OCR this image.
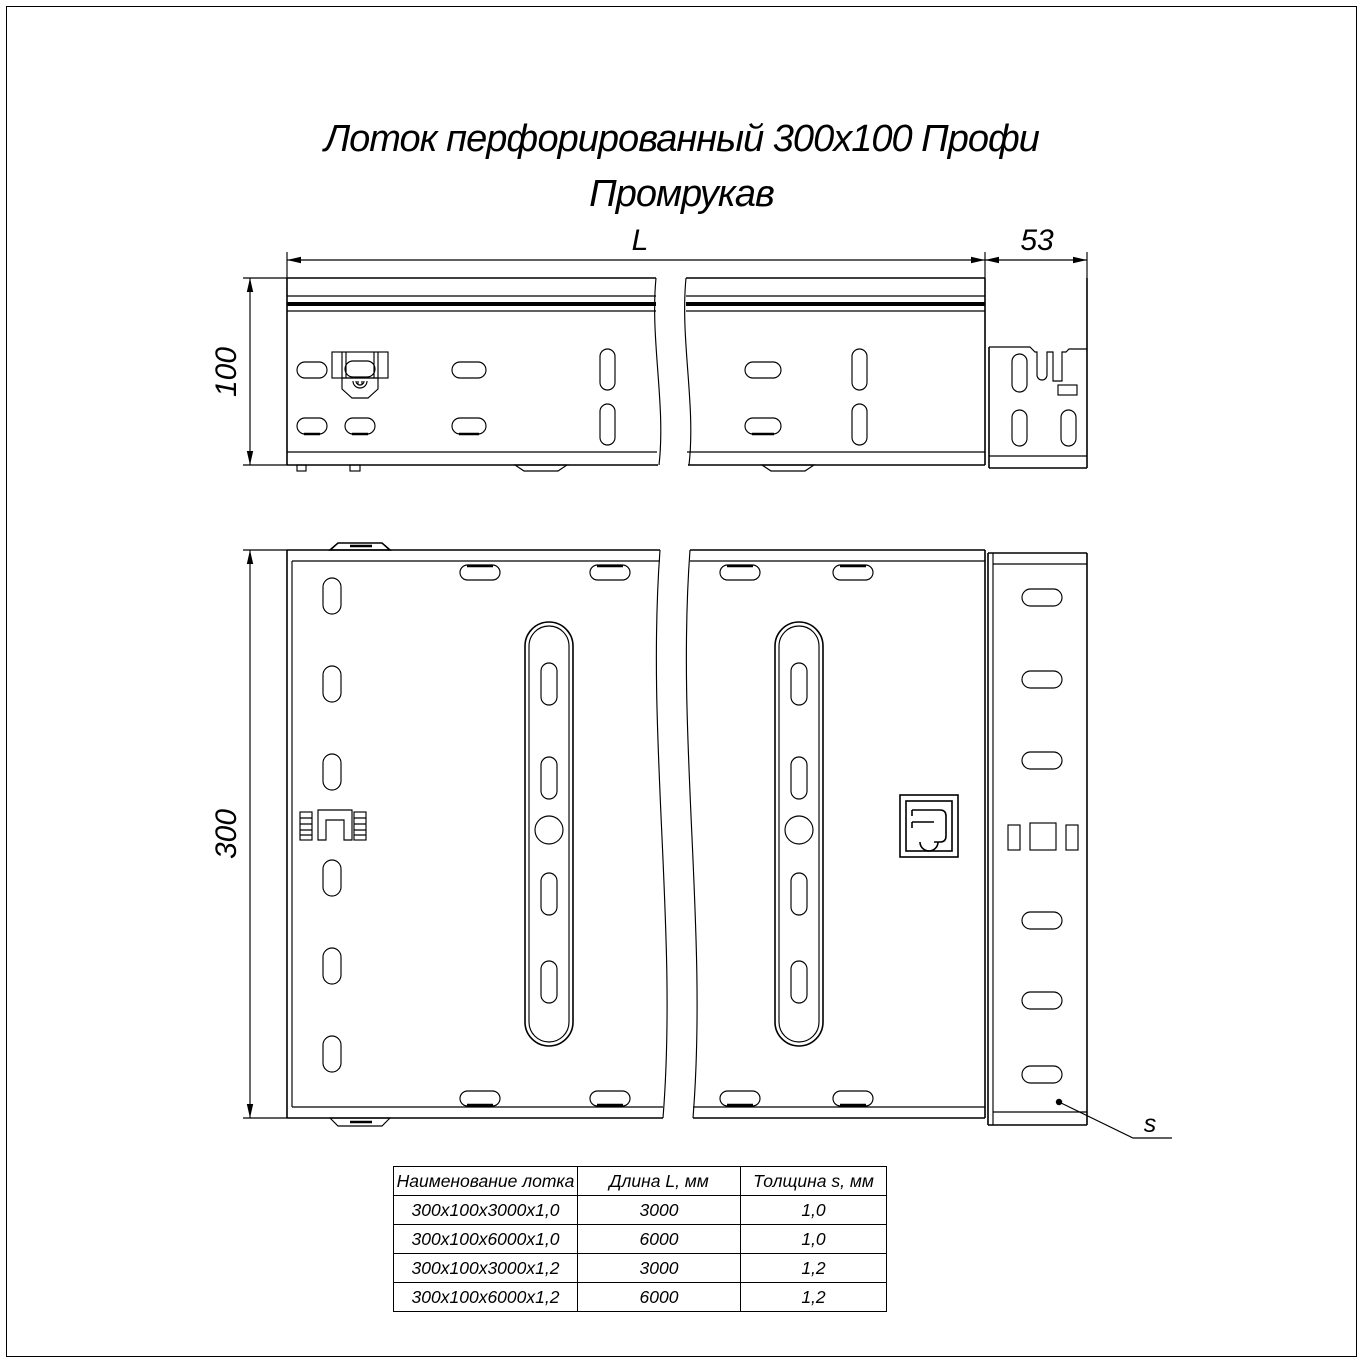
Лоток перфорированный 300х100 Профи
Промрукав
L	53
100
300
s
Наименование лотка	Длина L, мм	Толщина s, мм
300х100х3000х1,0	3000	1,0
300х100х6000х1,0	6000	1,0
300х100х3000х1,2	3000	1,2
300х100х6000х1,2	6000	1,2
